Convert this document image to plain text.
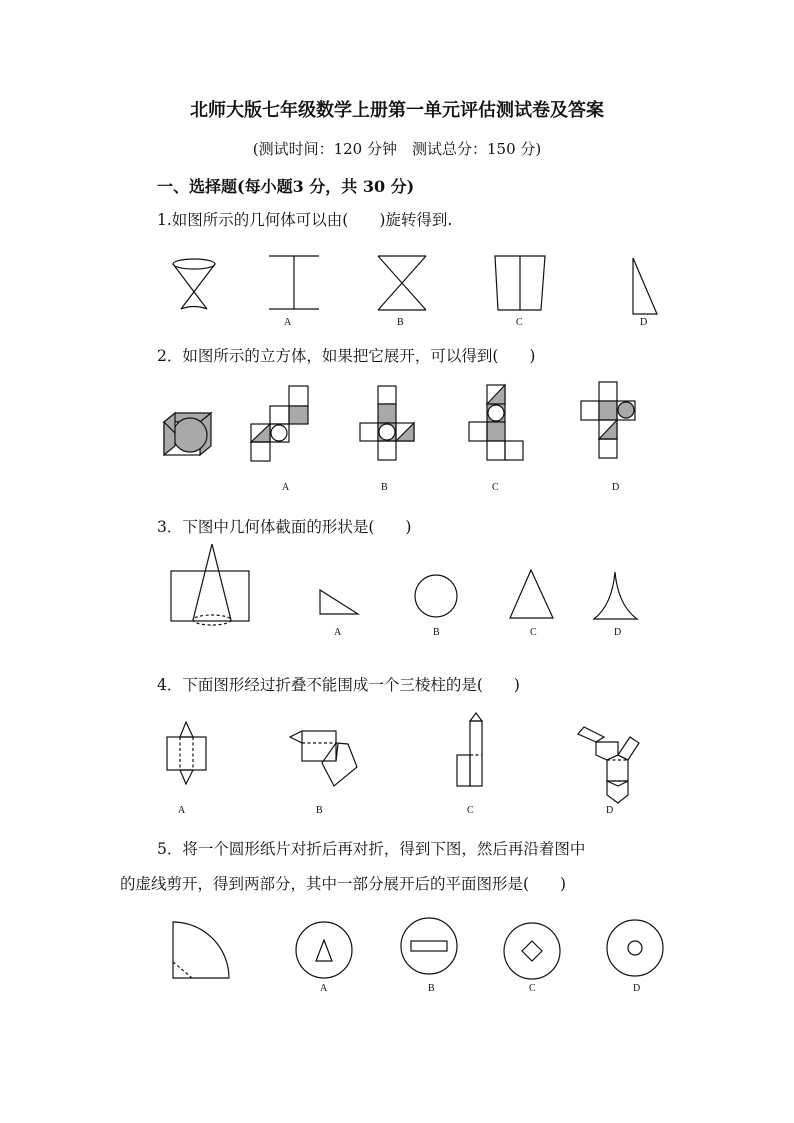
北师大版七年级数学上册第一单元评估测试卷及答案
(测试时间：120 分钟　测试总分：150 分)
一、选择题(每小题3 分，共 30 分)
1.如图所示的几何体可以由(　　)旋转得到.
2．如图所示的立方体，如果把它展开，可以得到(　　)
3．下图中几何体截面的形状是(　　)
4．下面图形经过折叠不能围成一个三棱柱的是(　　)
5．将一个圆形纸片对折后再对折，得到下图，然后再沿着图中
的虚线剪开，得到两部分，其中一部分展开后的平面图形是(　　)
A	B	C	D
A	B	C	D
A	B	C	D
A	B	C	D
A	B	C	D
